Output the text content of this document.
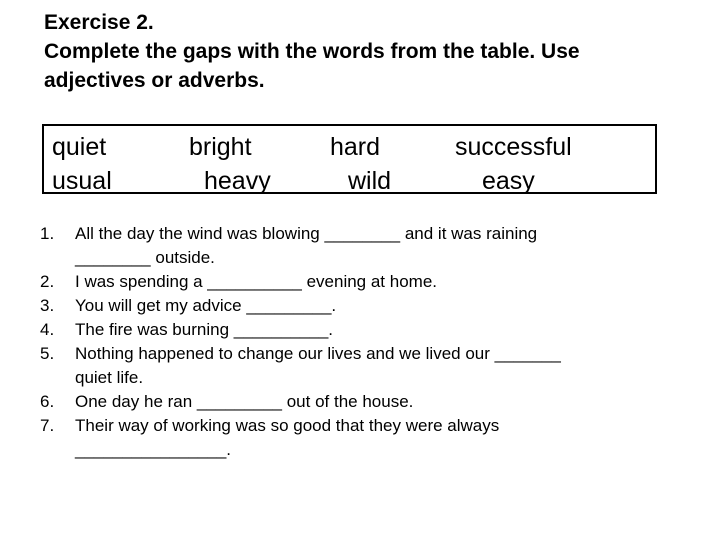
Exercise 2.
Complete the gaps with the words from the table. Use
adjectives or adverbs.
quiet	bright	hard	successful
usual	heavy	wild	easy
1. All the day the wind was blowing ________ and it was raining
________ outside.
2. I was spending a __________ evening at home.
3. You will get my advice _________.
4. The fire was burning __________.
5. Nothing happened to change our lives and we lived our _______
quiet life.
6. One day he ran _________ out of the house.
7. Their way of working was so good that they were always
________________.
